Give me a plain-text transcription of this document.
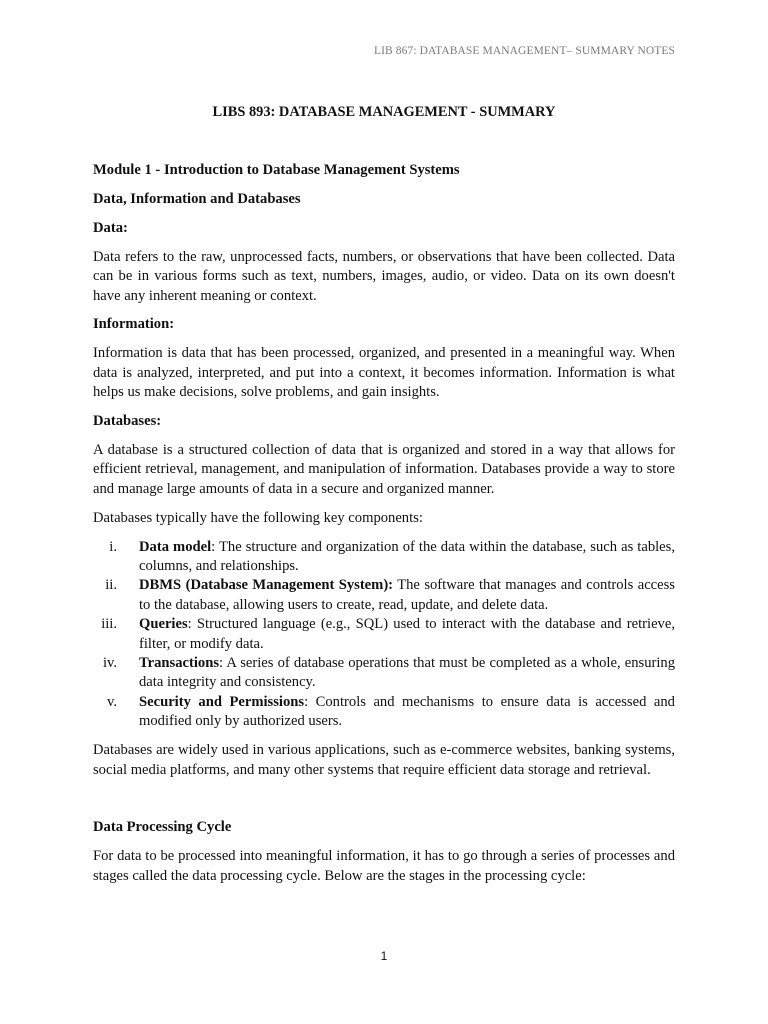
LIB 867: DATABASE MANAGEMENT– SUMMARY NOTES
LIBS 893: DATABASE MANAGEMENT - SUMMARY
Module 1 - Introduction to Database Management Systems
Data, Information and Databases
Data:

Data refers to the raw, unprocessed facts, numbers, or observations that have been collected. Data can be in various forms such as text, numbers, images, audio, or video. Data on its own doesn't have any inherent meaning or context.

Information:

Information is data that has been processed, organized, and presented in a meaningful way. When data is analyzed, interpreted, and put into a context, it becomes information. Information is what helps us make decisions, solve problems, and gain insights.

Databases:

A database is a structured collection of data that is organized and stored in a way that allows for efficient retrieval, management, and manipulation of information. Databases provide a way to store and manage large amounts of data in a secure and organized manner.

Databases typically have the following key components:

i. Data model: The structure and organization of the data within the database, such as tables, columns, and relationships.
ii. DBMS (Database Management System): The software that manages and controls access to the database, allowing users to create, read, update, and delete data.
iii. Queries: Structured language (e.g., SQL) used to interact with the database and retrieve, filter, or modify data.
iv. Transactions: A series of database operations that must be completed as a whole, ensuring data integrity and consistency.
v. Security and Permissions: Controls and mechanisms to ensure data is accessed and modified only by authorized users.

Databases are widely used in various applications, such as e-commerce websites, banking systems, social media platforms, and many other systems that require efficient data storage and retrieval.

Data Processing Cycle

For data to be processed into meaningful information, it has to go through a series of processes and stages called the data processing cycle. Below are the stages in the processing cycle:

1
